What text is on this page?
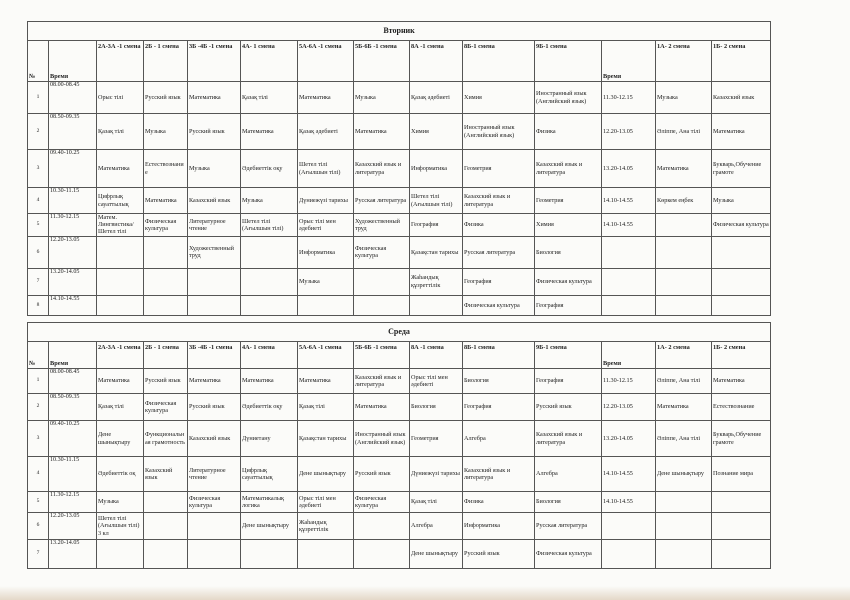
Вторник													
№	Время	2А-3А -1 смена	2Б - 1 смена	3Б -4Б -1 смена	4А- 1 смена	5А-6А -1 смена	5Б-6Б -1 смена	8А -1 смена	8Б-1 смена	9Б-1 смена	Время	1А- 2 смена	1Б- 2 смена
1	08.00-08.45	Орыс тілі	Русский язык	Математика	Қазақ тілі	Математика	Музыка	Қазақ әдебиеті	Химия	Иностранный язык (Английский язык)	11.30-12.15	Музыка	Казахский язык
2	08.50-09.35	Қазақ тілі	Музыка	Русский язык	Математика	Қазақ әдебиеті	Математика	Химия	Иностранный язык (Английский язык)	Физика	12.20-13.05	Әліппе, Ана тілі	Математика
3	09.40-10.25	Математика	Естествознание	Музыка	Әдебиеттік оқу	Шетел тілі (Ағылшын тілі)	Казахский язык и литература	Информатика	Геометрия	Казахский язык и литература	13.20-14.05	Математика	Букварь,Обучение грамоте
4	10.30-11.15	Цифрлық сауаттылық	Математика	Казахский язык	Музыка	Дүниежүзі тарихы	Русская литература	Шетел тілі (Ағылшын тілі)	Казахский язык и литература	Геометрия	14.10-14.55	Көркем еңбек	Музыка
5	11.30-12.15	Матем. Лингвистика/Шетел тілі	Физическая культура	Литературное чтение	Шетел тілі (Ағылшын тілі)	Орыс тілі мен әдебиеті	Художественный труд	География	Физика	Химия	14.10-14.55		Физическая культура
6	12.20-13.05			Художественный труд		Информатика	Физическая культура	Қазақстан тарихы	Русская литература	Биология			
7	13.20-14.05					Музыка		Жаһандық құзреттілік	География	Физическая культура			
8	14.10-14.55								Физическая культура	География			
Среда													
№	Время	2А-3А -1 смена	2Б - 1 смена	3Б -4Б -1 смена	4А- 1 смена	5А-6А -1 смена	5Б-6Б -1 смена	8А -1 смена	8Б-1 смена	9Б-1 смена	Время	1А- 2 смена	1Б- 2 смена
1	08.00-08.45	Математика	Русский язык	Математика	Математика	Математика	Казахский язык и литература	Орыс тілі мен әдебиеті	Биология	География	11.30-12.15	Әліппе, Ана тілі	Математика
2	08.50-09.35	Қазақ тілі	Физическая культура	Русский язык	Әдебиеттік оқу	Қазақ тілі	Математика	Биология	География	Русский язык	12.20-13.05	Математика	Естествознание
3	09.40-10.25	Дене шынықтыру	Функциональная грамотность	Казахский язык	Дүниетану	Қазақстан тарихы	Иностранный язык (Английский язык)	Геометрия	Алгебра	Казахский язык и литература	13.20-14.05	Әліппе, Ана тілі	Букварь,Обучение грамоте
4	10.30-11.15	Әдебиеттік оқ	Казахский язык	Литературное чтение	Цифрлық сауаттылық	Дене шынықтыру	Русский язык	Дүниежүзі тарихы	Казахский язык и литература	Алгебра	14.10-14.55	Дене шынықтыру	Познание мира
5	11.30-12.15	Музыка		Физическая культура	Математикалық логика	Орыс тілі мен әдебиеті	Физическая культура	Қазақ тілі	Физика	Биология	14.10-14.55		
6	12.20-13.05	Шетел тілі (Ағылшын тілі) 3 кл			Дене шынықтыру	Жаһандық құзреттілік		Алгебра	Информатика	Русская литература			
7	13.20-14.05							Дене шынықтыру	Русский язык	Физическая культура			
